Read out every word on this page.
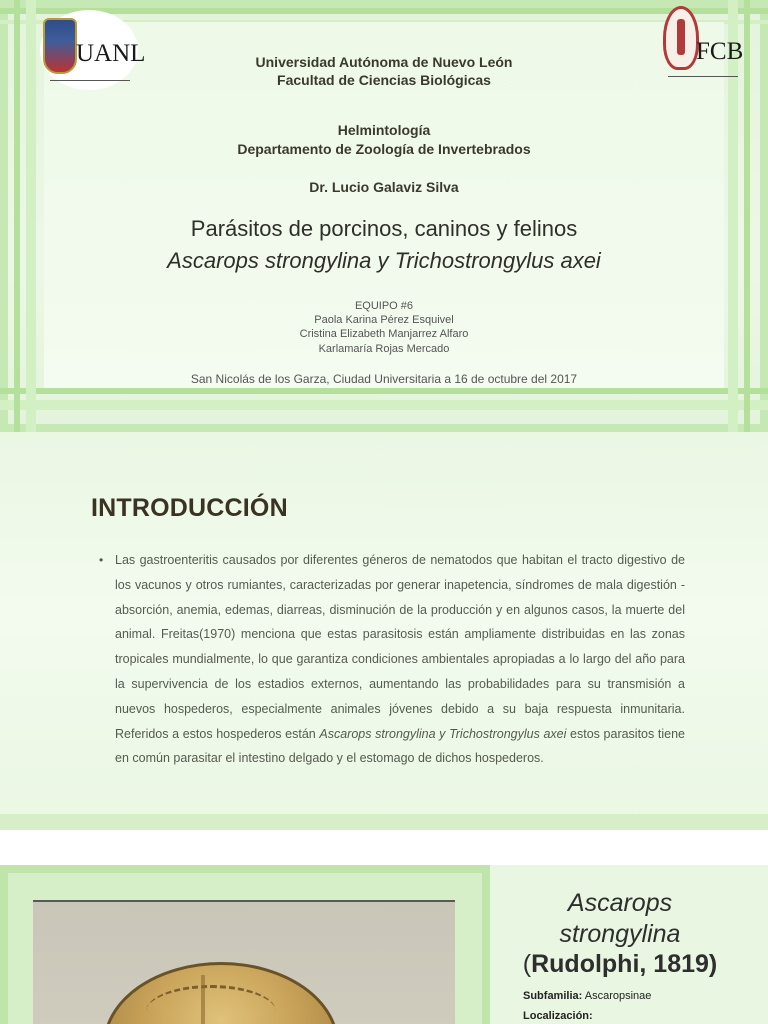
UANL	FCB
Universidad Autónoma de Nuevo León
Facultad de Ciencias Biológicas
Helmintología
Departamento de Zoología de Invertebrados
Dr. Lucio Galaviz Silva
Parásitos de porcinos, caninos y felinos
Ascarops strongylina y Trichostrongylus axei
EQUIPO #6
Paola Karina Pérez Esquivel
Cristina Elizabeth Manjarrez Alfaro
Karlamaría Rojas Mercado
San Nicolás de los Garza, Ciudad Universitaria a 16 de octubre del 2017
INTRODUCCIÓN
• Las gastroenteritis causados por diferentes géneros de nematodos que habitan el tracto digestivo de los vacunos y otros rumiantes, caracterizadas por generar inapetencia, síndromes de mala digestión -absorción, anemia, edemas, diarreas, disminución de la producción y en algunos casos, la muerte del animal. Freitas(1970) menciona que estas parasitosis están ampliamente distribuidas en las zonas tropicales mundialmente, lo que garantiza condiciones ambientales apropiadas a lo largo del año para la supervivencia de los estadios externos, aumentando las probabilidades para su transmisión a nuevos hospederos, especialmente animales jóvenes debido a su baja respuesta inmunitaria. Referidos a estos hospederos están Ascarops strongylina y Trichostrongylus axei estos parasitos tiene en común parasitar el intestino delgado y el estomago de dichos hospederos.
Ascarops
strongylina
(Rudolphi, 1819)
Subfamilia: Ascaropsinae
Localización:
